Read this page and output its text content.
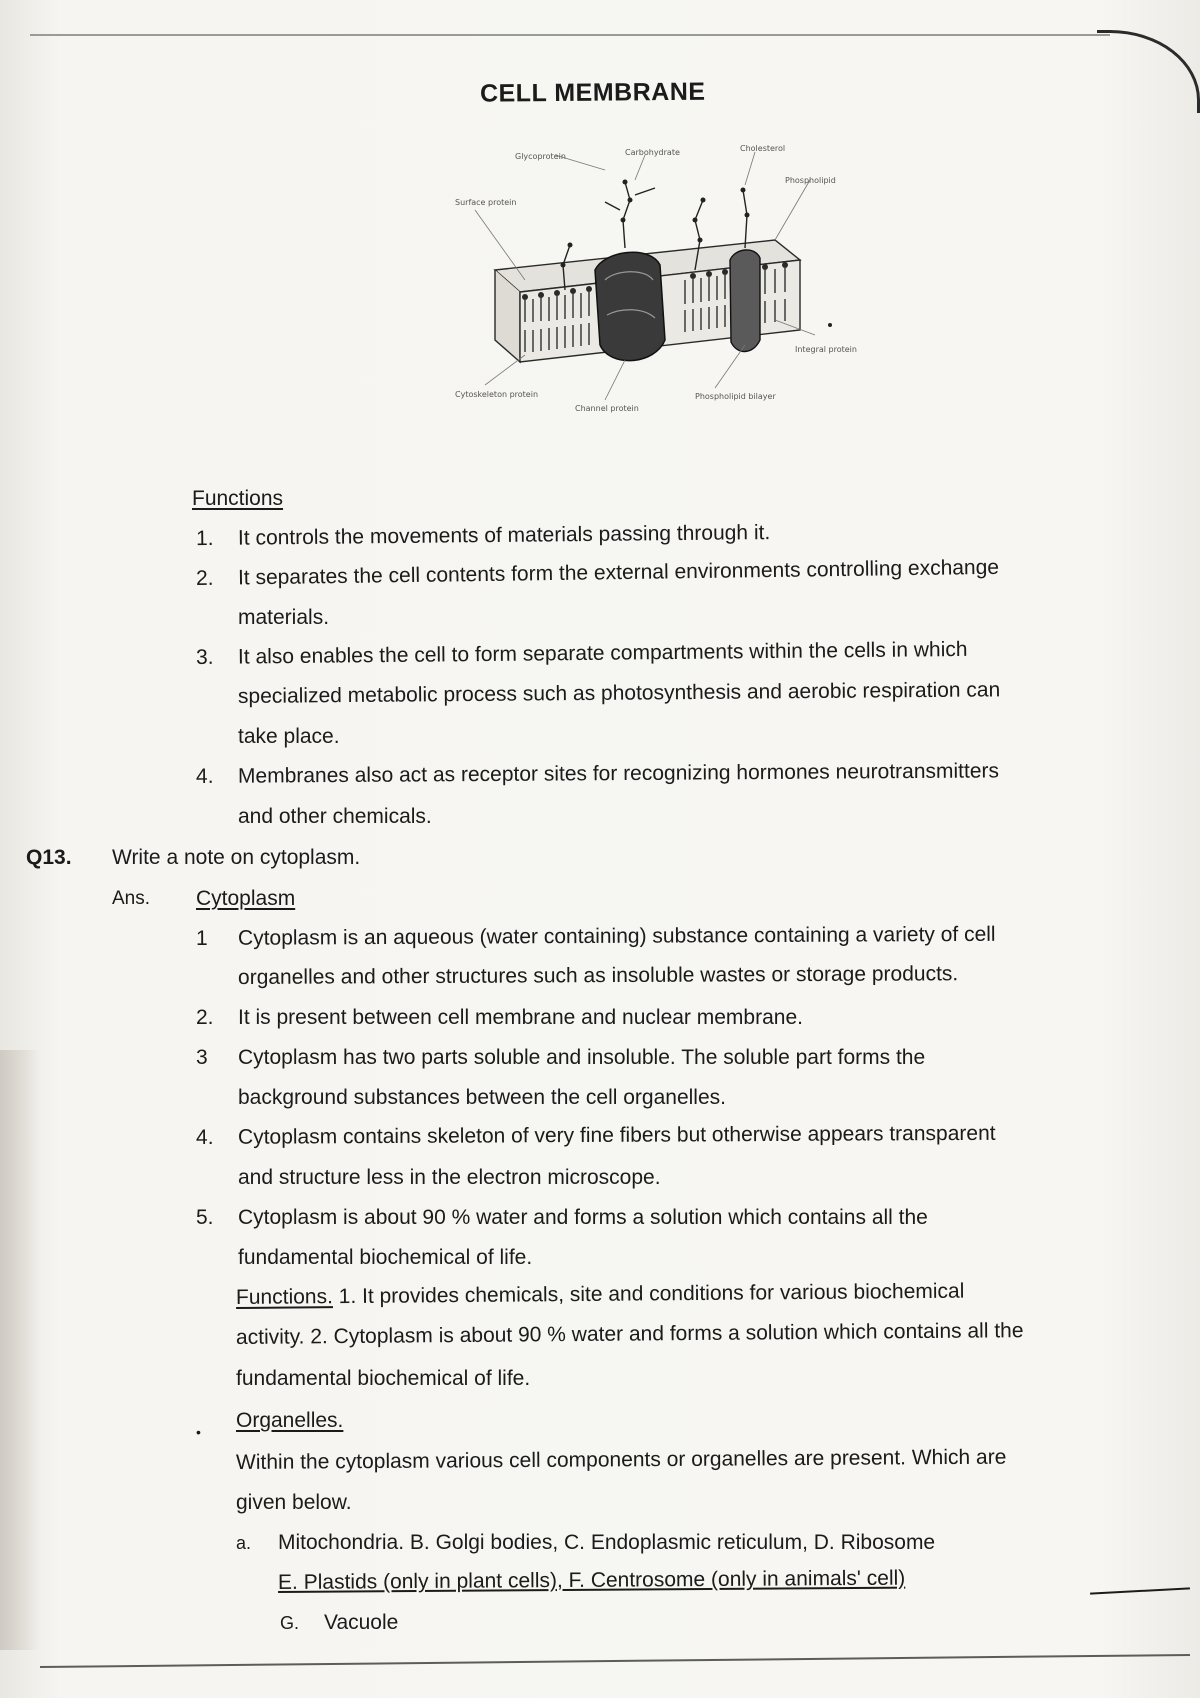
CELL MEMBRANE
Glycoprotein	Carbohydrate	Cholesterol
Phospholipid
Surface protein
Integral protein
Cytoskeleton protein
Channel protein
Phospholipid bilayer
Functions
1. It controls the movements of materials passing through it.
2. It separates the cell contents form the external environments controlling exchange
materials.
3. It also enables the cell to form separate compartments within the cells in which
specialized metabolic process such as photosynthesis and aerobic respiration can
take place.
4. Membranes also act as receptor sites for recognizing hormones neurotransmitters
and other chemicals.
Q13. Write a note on cytoplasm.
Ans. Cytoplasm
1 Cytoplasm is an aqueous (water containing) substance containing a variety of cell
organelles and other structures such as insoluble wastes or storage products.
2. It is present between cell membrane and nuclear membrane.
3 Cytoplasm has two parts soluble and insoluble. The soluble part forms the
background substances between the cell organelles.
4. Cytoplasm contains skeleton of very fine fibers but otherwise appears transparent
and structure less in the electron microscope.
5. Cytoplasm is about 90 % water and forms a solution which contains all the
fundamental biochemical of life.
Functions. 1. It provides chemicals, site and conditions for various biochemical
activity. 2. Cytoplasm is about 90 % water and forms a solution which contains all the
fundamental biochemical of life.
Organelles.
•
Within the cytoplasm various cell components or organelles are present. Which are
given below.
a. Mitochondria. B. Golgi bodies, C. Endoplasmic reticulum, D. Ribosome
E. Plastids (only in plant cells), F. Centrosome (only in animals' cell)
G. Vacuole
